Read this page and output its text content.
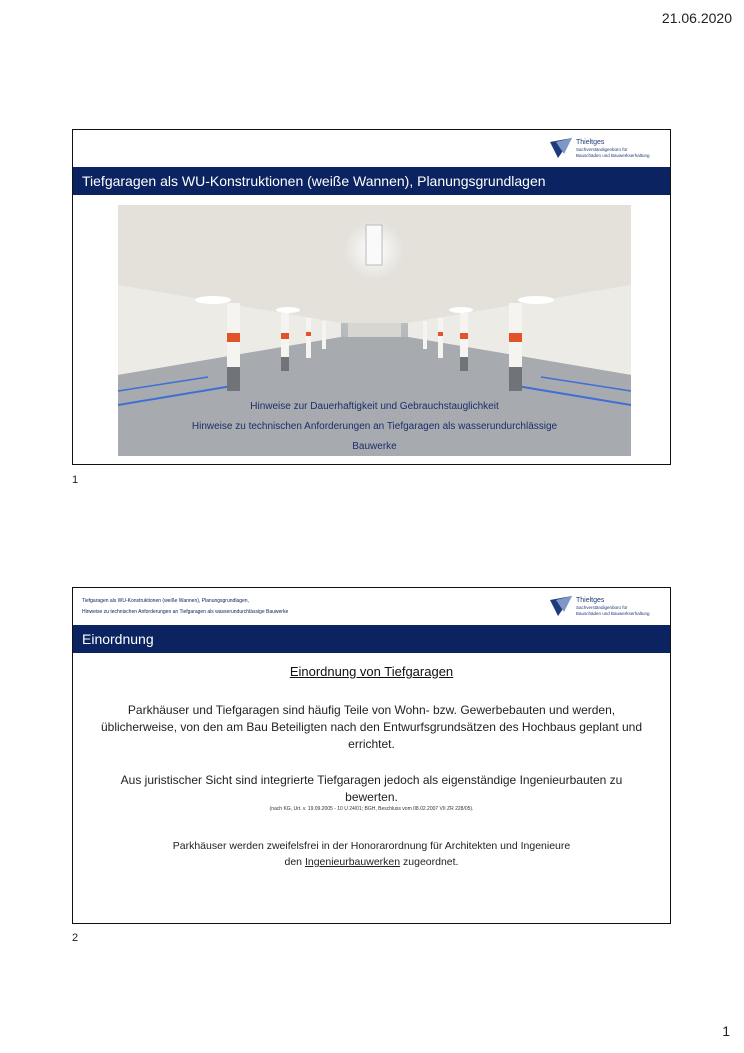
21.06.2020
Thieltges
Sachverständigenbüro für
Bauschäden und Bauwerkserhaltung
Tiefgaragen als WU-Konstruktionen (weiße Wannen), Planungsgrundlagen
Hinweise zur Dauerhaftigkeit und Gebrauchstauglichkeit
Hinweise zu technischen Anforderungen an Tiefgaragen als wasserundurchlässige
Bauwerke
1
Tiefgaragen als WU-Konstruktionen (weiße Wannen), Planungsgrundlagen,
Hinweise zu technischen Anforderungen an Tiefgaragen als wasserundurchlässige Bauwerke
Thieltges
Sachverständigenbüro für
Bauschäden und Bauwerkserhaltung
Einordnung
Einordnung von Tiefgaragen
Parkhäuser und Tiefgaragen sind häufig Teile von Wohn- bzw. Gewerbebauten und werden, üblicherweise, von den am Bau Beteiligten nach den Entwurfsgrundsätzen des Hochbaus geplant und errichtet.
Aus juristischer Sicht sind integrierte Tiefgaragen jedoch als eigenständige Ingenieurbauten zu bewerten.
(nach KG, Urt. v. 19.09.2005 - 10 U 24/01; BGH, Beschluss vom 08.02.2007 VII ZR 228/05).
Parkhäuser werden zweifelsfrei in der Honorarordnung für Architekten und Ingenieure
den Ingenieurbauwerken zugeordnet.
2
1
